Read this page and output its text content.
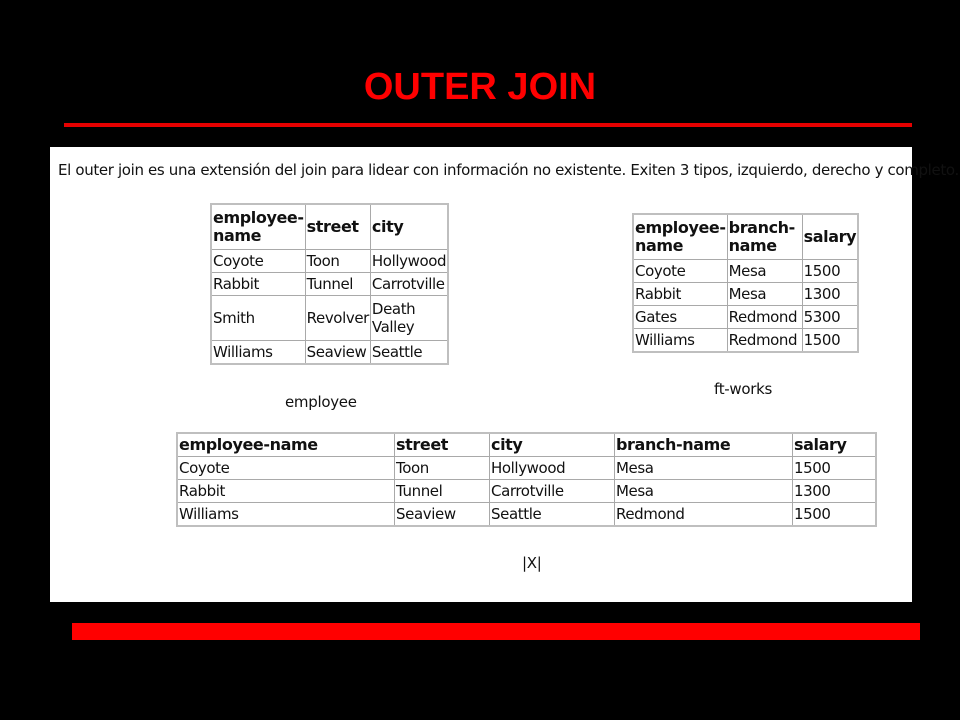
OUTER JOIN
El outer join es una extensión del join para lidear con información no existente. Exiten 3 tipos, izquierdo, derecho y completo.
employee-name	street	city
Coyote	Toon	Hollywood
Rabbit	Tunnel	Carrotville
Smith	Revolver	Death Valley
Williams	Seaview	Seattle
employee
employee-name	branch-name	salary
Coyote	Mesa	1500
Rabbit	Mesa	1300
Gates	Redmond	5300
Williams	Redmond	1500
ft-works
employee-name	street	city	branch-name	salary
Coyote	Toon	Hollywood	Mesa	1500
Rabbit	Tunnel	Carrotville	Mesa	1300
Williams	Seaview	Seattle	Redmond	1500
|X|
